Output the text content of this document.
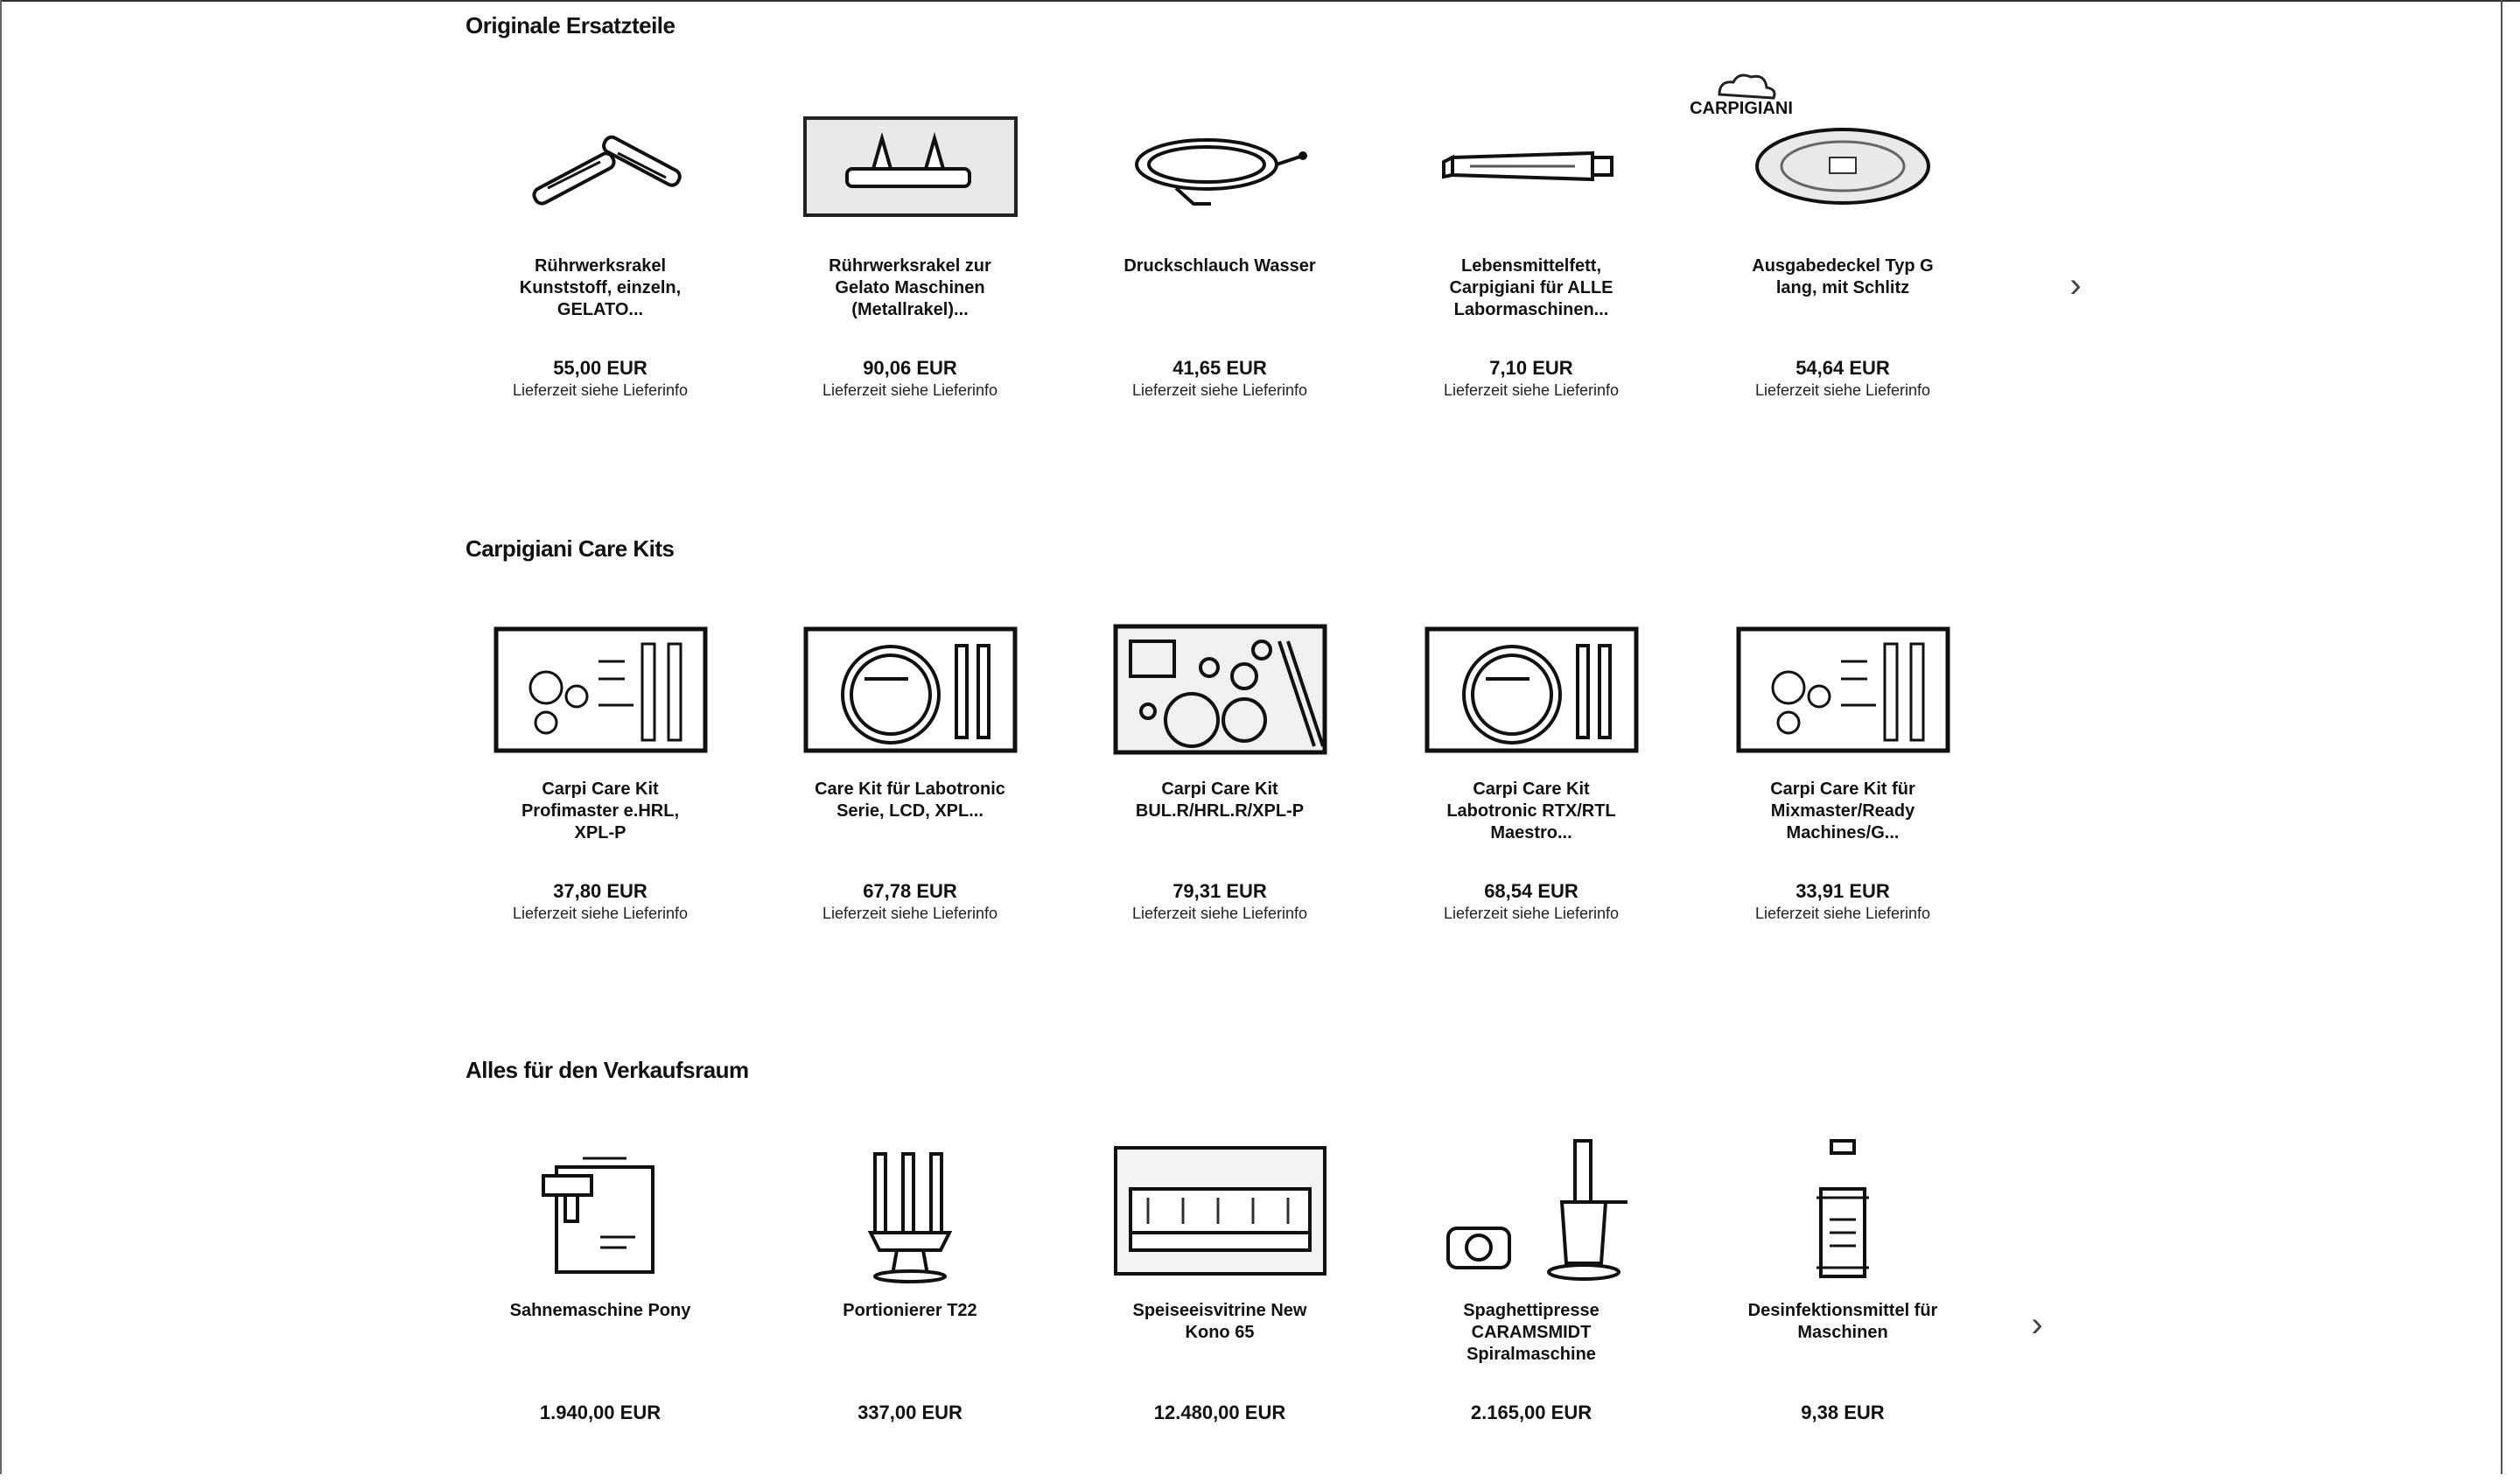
Originale Ersatzteile
Rührwerksrakel Kunststoff, einzeln, GELATO...
55,00 EUR
Lieferzeit siehe Lieferinfo
Rührwerksrakel zur Gelato Maschinen (Metallrakel)...
90,06 EUR
Lieferzeit siehe Lieferinfo
Druckschlauch Wasser
41,65 EUR
Lieferzeit siehe Lieferinfo
Lebensmittelfett, Carpigiani für ALLE Labormaschinen...
7,10 EUR
Lieferzeit siehe Lieferinfo
Ausgabedeckel Typ G lang, mit Schlitz
54,64 EUR
Lieferzeit siehe Lieferinfo
CARPIGIANI
›
Carpigiani Care Kits
Carpi Care Kit Profimaster e.HRL, XPL-P
37,80 EUR
Lieferzeit siehe Lieferinfo
Care Kit für Labotronic Serie, LCD, XPL...
67,78 EUR
Lieferzeit siehe Lieferinfo
Carpi Care Kit BUL.R/HRL.R/XPL-P
79,31 EUR
Lieferzeit siehe Lieferinfo
Carpi Care Kit Labotronic RTX/RTL Maestro...
68,54 EUR
Lieferzeit siehe Lieferinfo
Carpi Care Kit für Mixmaster/Ready Machines/G...
33,91 EUR
Lieferzeit siehe Lieferinfo
Alles für den Verkaufsraum
Sahnemaschine Pony
1.940,00 EUR
Portionierer T22
337,00 EUR
Speiseeisvitrine New Kono 65
12.480,00 EUR
Spaghettipresse CARAMSMIDT Spiralmaschine
2.165,00 EUR
Desinfektionsmittel für Maschinen
9,38 EUR
›
